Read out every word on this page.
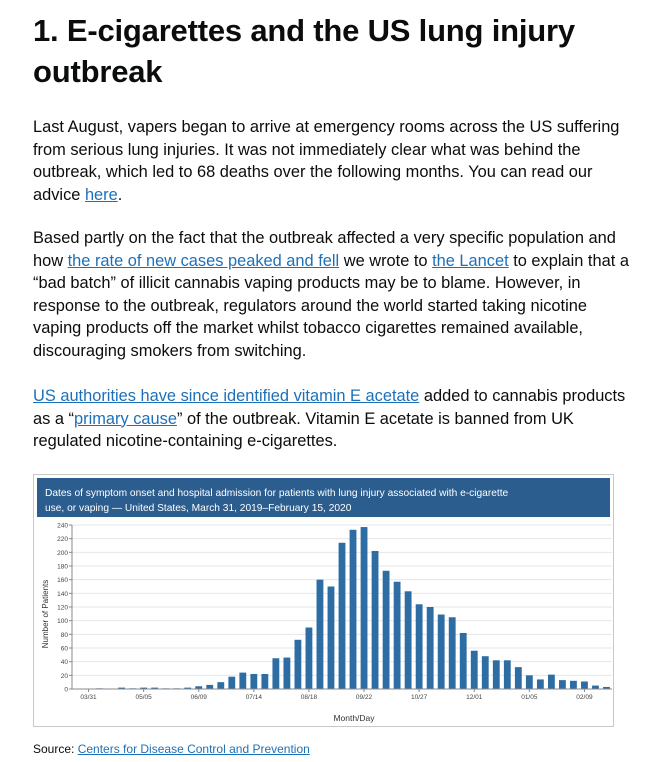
1. E-cigarettes and the US lung injury outbreak

Last August, vapers began to arrive at emergency rooms across the US suffering from serious lung injuries. It was not immediately clear what was behind the outbreak, which led to 68 deaths over the following months. You can read our advice here.

Based partly on the fact that the outbreak affected a very specific population and how the rate of new cases peaked and fell we wrote to the Lancet to explain that a “bad batch” of illicit cannabis vaping products may be to blame. However, in response to the outbreak, regulators around the world started taking nicotine vaping products off the market whilst tobacco cigarettes remained available, discouraging smokers from switching.

US authorities have since identified vitamin E acetate added to cannabis products as a “primary cause” of the outbreak. Vitamin E acetate is banned from UK regulated nicotine-containing e-cigarettes.

Dates of symptom onset and hospital admission for patients with lung injury associated with e-cigarette
use, or vaping — United States, March 31, 2019–February 15, 2020
0
20
40
60
80
100
120
140
160
180
200
220
240
03/31	05/05	06/09	07/14	08/18	09/22	10/27	12/01	01/05	02/09
Number of Patients
Month/Day
Source: Centers for Disease Control and Prevention
